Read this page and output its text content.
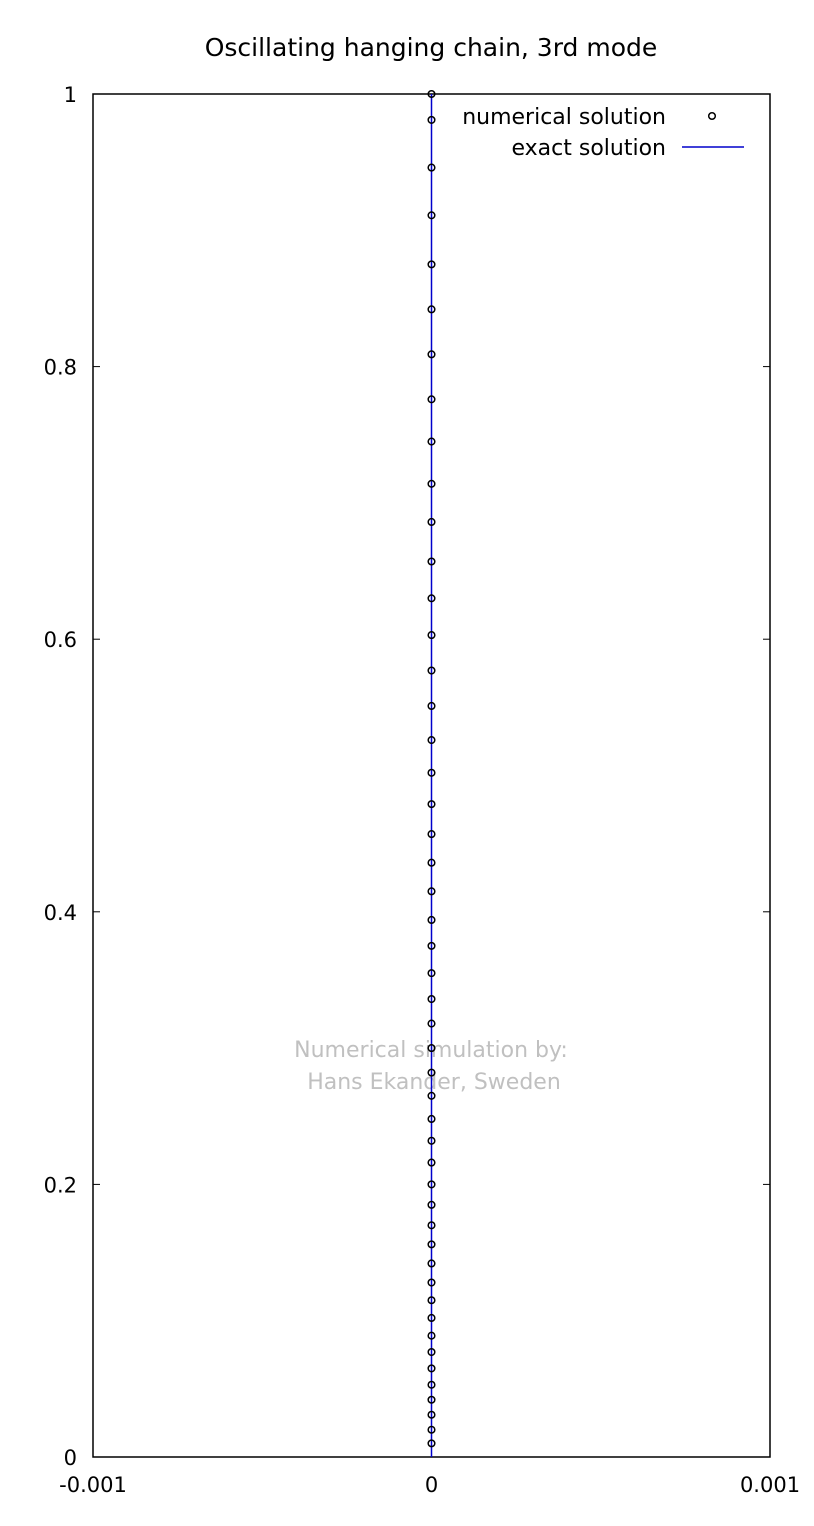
-0.001	0	0.001
0
0.2
0.4
0.6
0.8
1
Numerical simulation by:
Hans Ekander, Sweden
numerical solution
exact solution
Oscillating hanging chain, 3rd mode
